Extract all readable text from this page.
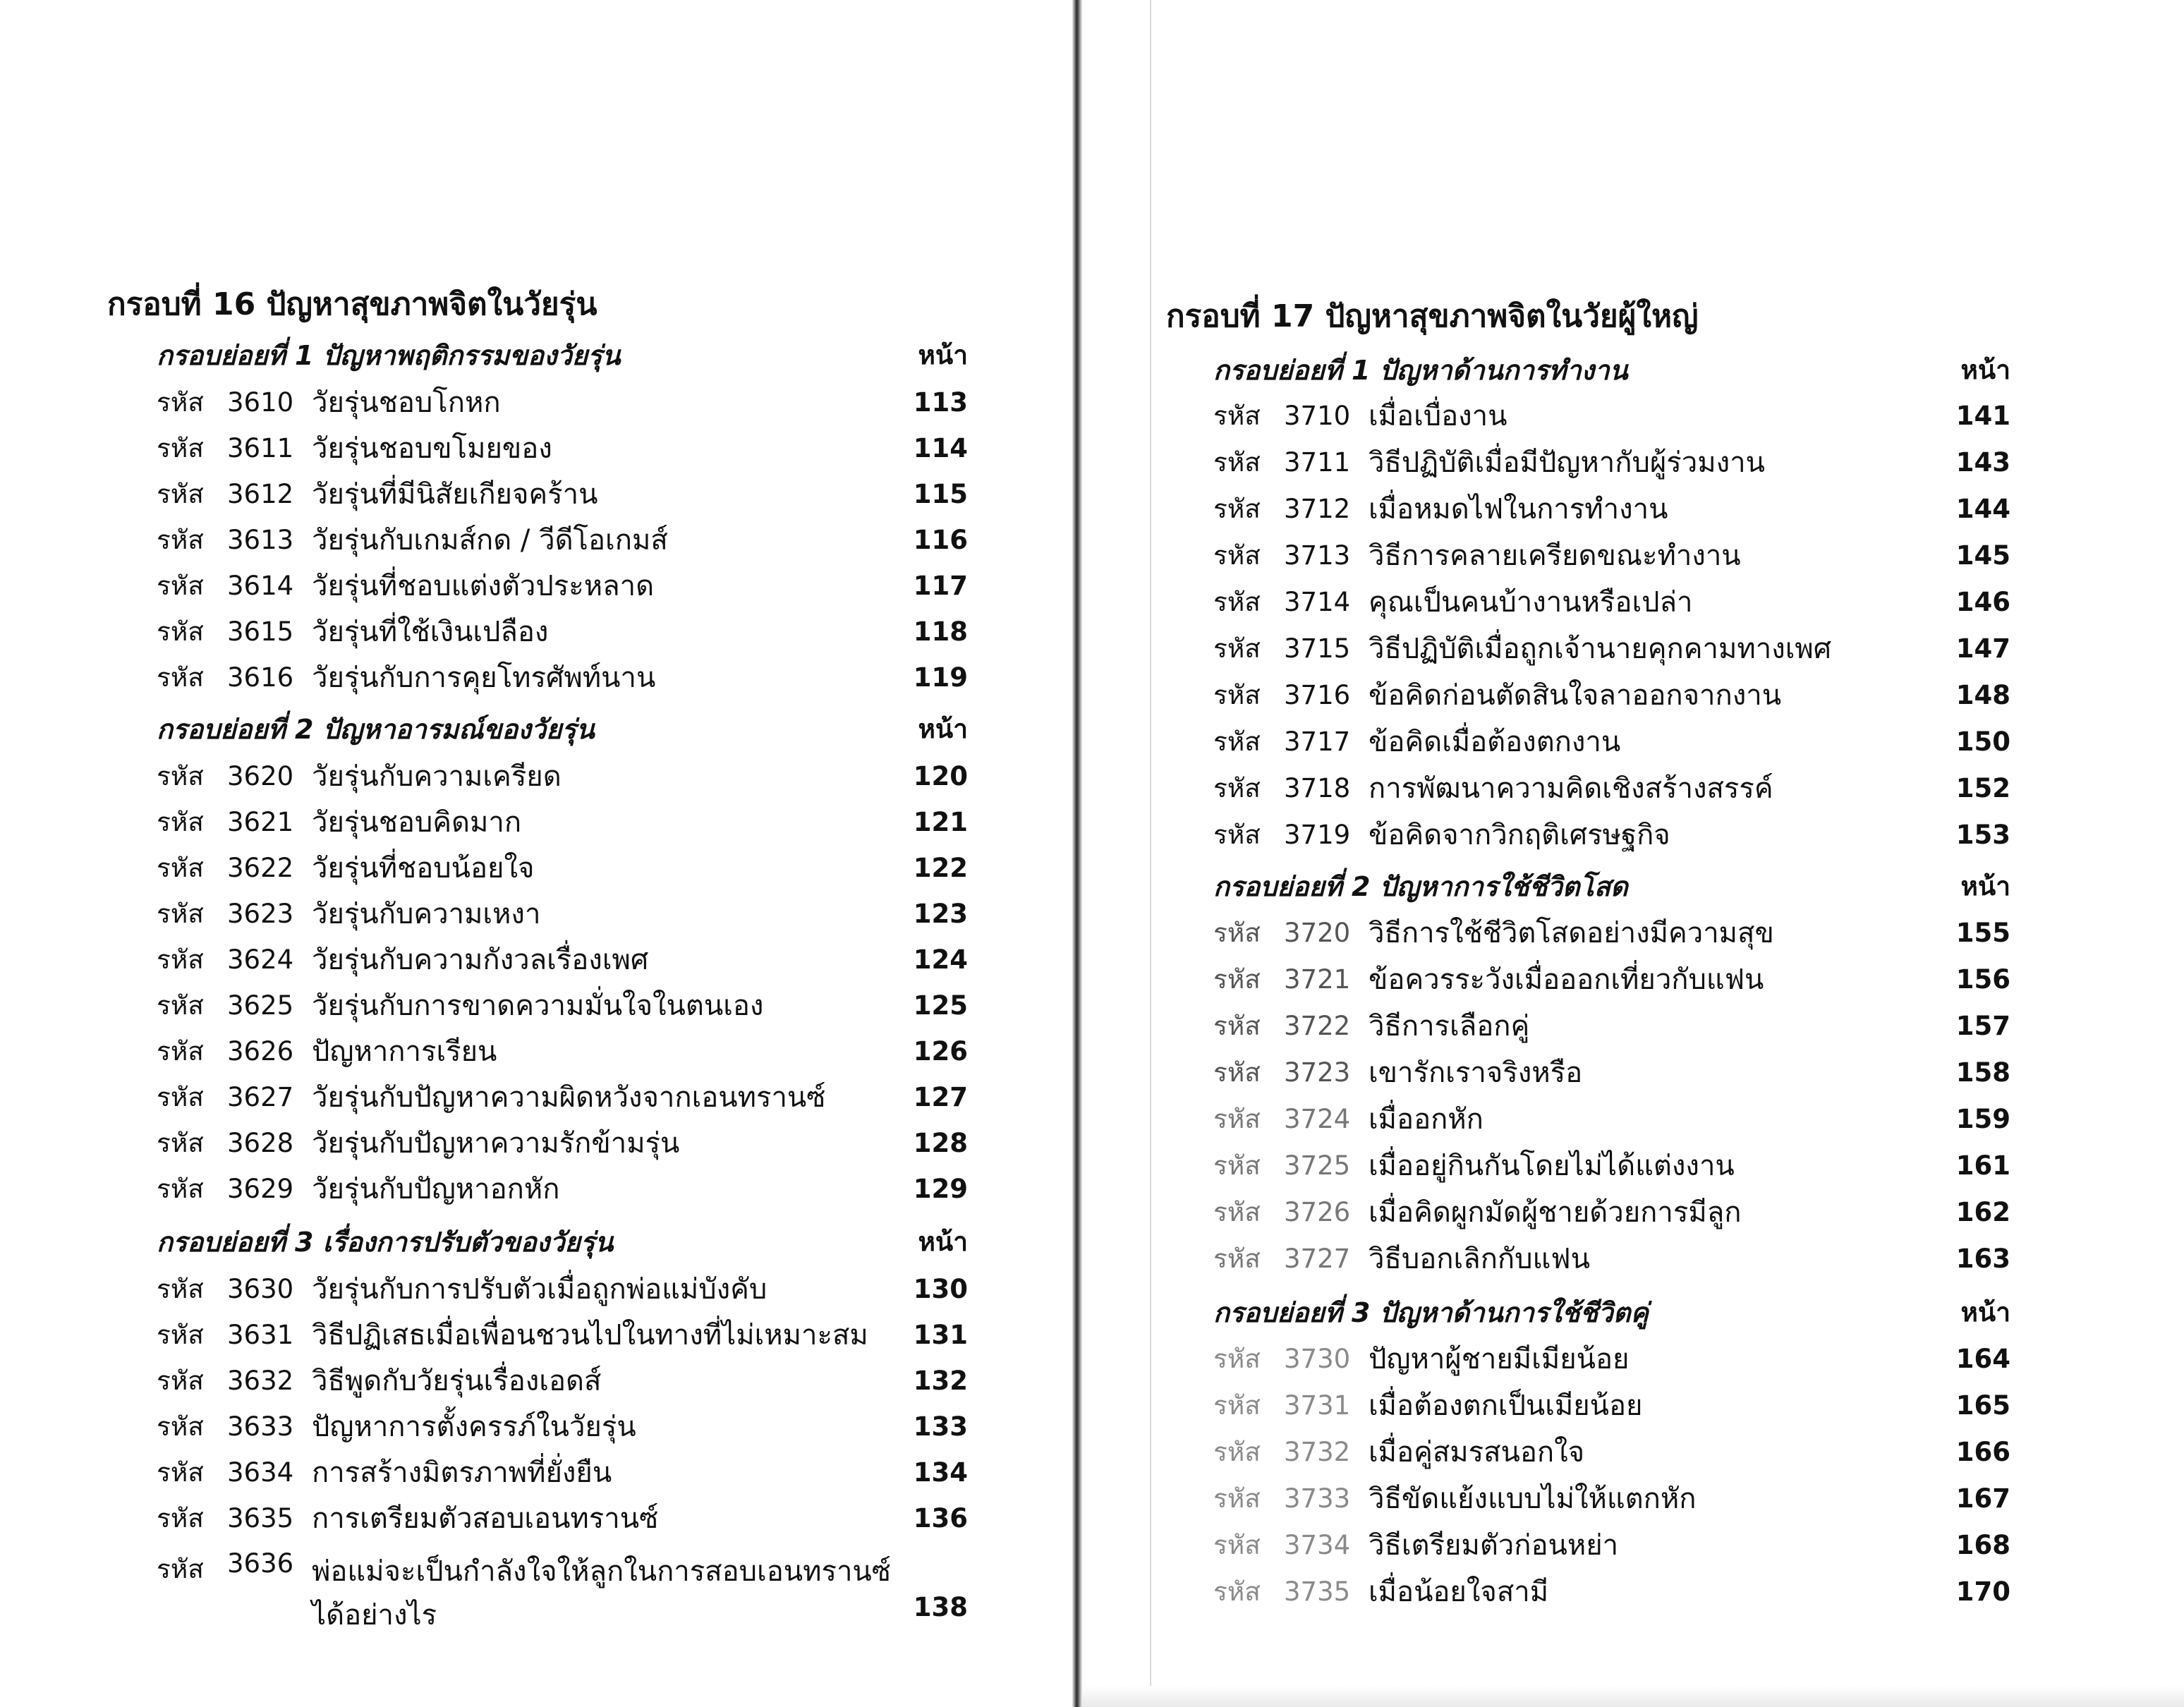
กรอบที่ 16 ปัญหาสุขภาพจิตในวัยรุ่น
กรอบย่อยที่ 1 ปัญหาพฤติกรรมของวัยรุ่น	หน้า
รหัส 3610 วัยรุ่นชอบโกหก	113
รหัส 3611 วัยรุ่นชอบขโมยของ	114
รหัส 3612 วัยรุ่นที่มีนิสัยเกียจคร้าน	115
รหัส 3613 วัยรุ่นกับเกมส์กด / วีดีโอเกมส์	116
รหัส 3614 วัยรุ่นที่ชอบแต่งตัวประหลาด	117
รหัส 3615 วัยรุ่นที่ใช้เงินเปลือง	118
รหัส 3616 วัยรุ่นกับการคุยโทรศัพท์นาน	119
กรอบย่อยที่ 2 ปัญหาอารมณ์ของวัยรุ่น	หน้า
รหัส 3620 วัยรุ่นกับความเครียด	120
รหัส 3621 วัยรุ่นชอบคิดมาก	121
รหัส 3622 วัยรุ่นที่ชอบน้อยใจ	122
รหัส 3623 วัยรุ่นกับความเหงา	123
รหัส 3624 วัยรุ่นกับความกังวลเรื่องเพศ	124
รหัส 3625 วัยรุ่นกับการขาดความมั่นใจในตนเอง	125
รหัส 3626 ปัญหาการเรียน	126
รหัส 3627 วัยรุ่นกับปัญหาความผิดหวังจากเอนทรานซ์	127
รหัส 3628 วัยรุ่นกับปัญหาความรักข้ามรุ่น	128
รหัส 3629 วัยรุ่นกับปัญหาอกหัก	129
กรอบย่อยที่ 3 เรื่องการปรับตัวของวัยรุ่น	หน้า
รหัส 3630 วัยรุ่นกับการปรับตัวเมื่อถูกพ่อแม่บังคับ	130
รหัส 3631 วิธีปฏิเสธเมื่อเพื่อนชวนไปในทางที่ไม่เหมาะสม 131
รหัส 3632 วิธีพูดกับวัยรุ่นเรื่องเอดส์	132
รหัส 3633 ปัญหาการตั้งครรภ์ในวัยรุ่น	133
รหัส 3634 การสร้างมิตรภาพที่ยั่งยืน	134
รหัส 3635 การเตรียมตัวสอบเอนทรานซ์	136
รหัส 3636 พ่อแม่จะเป็นกำลังใจให้ลูกในการสอบเอนทรานซ์
ได้อย่างไร	138
กรอบที่ 17 ปัญหาสุขภาพจิตในวัยผู้ใหญ่
กรอบย่อยที่ 1 ปัญหาด้านการทำงาน	หน้า
รหัส 3710 เมื่อเบื่องาน	141
รหัส 3711 วิธีปฏิบัติเมื่อมีปัญหากับผู้ร่วมงาน	143
รหัส 3712 เมื่อหมดไฟในการทำงาน	144
รหัส 3713 วิธีการคลายเครียดขณะทำงาน	145
รหัส 3714 คุณเป็นคนบ้างานหรือเปล่า	146
รหัส 3715 วิธีปฏิบัติเมื่อถูกเจ้านายคุกคามทางเพศ	147
รหัส 3716 ข้อคิดก่อนตัดสินใจลาออกจากงาน	148
รหัส 3717 ข้อคิดเมื่อต้องตกงาน	150
รหัส 3718 การพัฒนาความคิดเชิงสร้างสรรค์	152
รหัส 3719 ข้อคิดจากวิกฤติเศรษฐกิจ	153
กรอบย่อยที่ 2 ปัญหาการใช้ชีวิตโสด	หน้า
รหัส 3720 วิธีการใช้ชีวิตโสดอย่างมีความสุข	155
รหัส 3721 ข้อควรระวังเมื่อออกเที่ยวกับแฟน	156
รหัส 3722 วิธีการเลือกคู่	157
รหัส 3723 เขารักเราจริงหรือ	158
รหัส 3724 เมื่ออกหัก	159
รหัส 3725 เมื่ออยู่กินกันโดยไม่ได้แต่งงาน	161
รหัส 3726 เมื่อคิดผูกมัดผู้ชายด้วยการมีลูก	162
รหัส 3727 วิธีบอกเลิกกับแฟน	163
กรอบย่อยที่ 3 ปัญหาด้านการใช้ชีวิตคู่	หน้า
รหัส 3730 ปัญหาผู้ชายมีเมียน้อย	164
รหัส 3731 เมื่อต้องตกเป็นเมียน้อย	165
รหัส 3732 เมื่อคู่สมรสนอกใจ	166
รหัส 3733 วิธีขัดแย้งแบบไม่ให้แตกหัก	167
รหัส 3734 วิธีเตรียมตัวก่อนหย่า	168
รหัส 3735 เมื่อน้อยใจสามี	170
